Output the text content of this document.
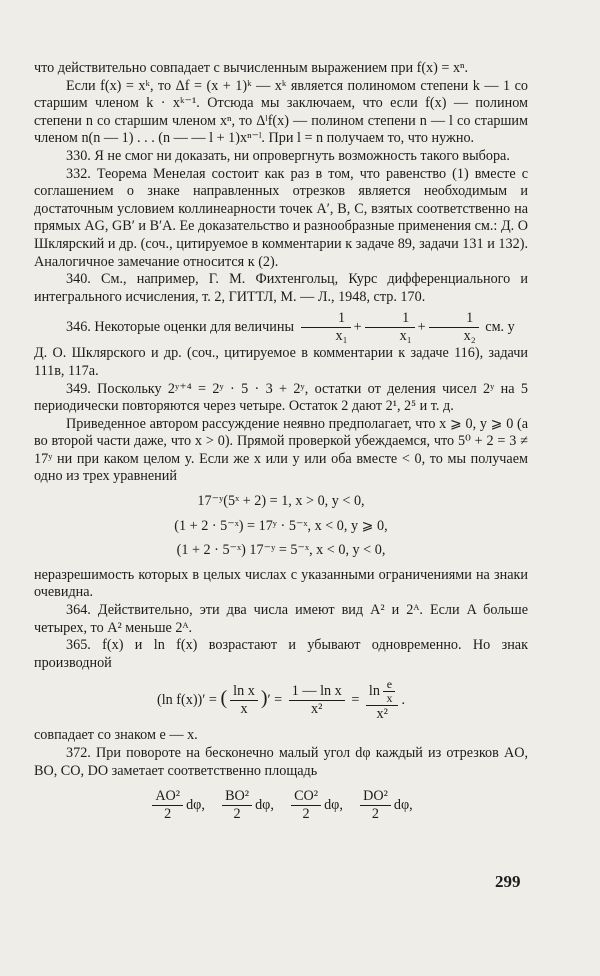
что действительно совпадает с вычисленным выражением при f(x) = xⁿ.

Если f(x) = xᵏ, то Δf = (x + 1)ᵏ — xᵏ является полиномом степени k — 1 со старшим членом k · xᵏ⁻¹. Отсюда мы заключаем, что если f(x) — полином степени n со старшим членом xⁿ, то Δˡf(x) — полином степени n — l со старшим членом n(n — 1) . . . (n — — l + 1)xⁿ⁻ˡ. При l = n получаем то, что нужно.

330. Я не смог ни доказать, ни опровергнуть возможность такого выбора.

332. Теорема Менелая состоит как раз в том, что равенство (1) вместе с соглашением о знаке направленных отрезков является необходимым и достаточным условием коллинеарности точек A′, B, C, взятых соответственно на прямых AG, GB′ и B′A. Ее доказательство и разнообразные применения см.: Д. О Шклярский и др. (соч., цитируемое в комментарии к задаче 89, задачи 131 и 132). Аналогичное замечание относится к (2).

340. См., например, Г. М. Фихтенгольц, Курс дифференциального и интегрального исчисления, т. 2, ГИТТЛ, М. — Л., 1948, стр. 170.

346. Некоторые оценки для величины $\frac{1}{\text{x₁}} + \frac{1}{\text{x₁}} + \frac{1}{\text{x₂}}$ см. у

Д. О. Шклярского и др. (соч., цитируемое в комментарии к задаче 116), задачи 111в, 117а.

349. Поскольку 2ʸ⁺⁴ = 2ʸ · 5 · 3 + 2ʸ, остатки от деления чисел 2ʸ на 5 периодически повторяются через четыре. Остаток 2 дают 2¹, 2⁵ и т. д.

Приведенное автором рассуждение неявно предполагает, что x ⩾ 0, y ⩾ 0 (а во второй части даже, что x > 0). Прямой проверкой убеждаемся, что 5⁰ + 2 = 3 ≠ 17ʸ ни при каком целом y. Если же x или y или оба вместе < 0, то мы получаем одно из трех уравнений

17⁻ʸ(5ˣ + 2) = 1, x > 0, y < 0,
(1 + 2 · 5⁻ˣ) = 17ʸ · 5⁻ˣ, x < 0, y ⩾ 0,
(1 + 2 · 5⁻ˣ) 17⁻ʸ = 5⁻ˣ, x < 0, y < 0,

неразрешимость которых в целых числах с указанными ограничениями на знаки очевидна.

364. Действительно, эти два числа имеют вид A² и 2ᴬ. Если A больше четырех, то A² меньше 2ᴬ.

365. f(x) и ln f(x) возрастают и убывают одновременно. Но знак производной

(ln f(x))′ = ( $\frac{\text{ln x}}{x}$ )′ = $\frac{\text{1 — ln x}}{\text{x²}} = \frac{\ln \frac{e}{x}}{\text{x²}}$ .

совпадает со знаком e — x.

372. При повороте на бесконечно малый угол dφ каждый из отрезков AO, BO, CO, DO заметает соответственно площадь

$\frac{\text{AO²}}{2} d\varphi$, $\frac{\text{BO²}}{2} d\varphi$, $\frac{\text{CO²}}{2} d\varphi$, $\frac{\text{DO²}}{2} d\varphi$,
299
